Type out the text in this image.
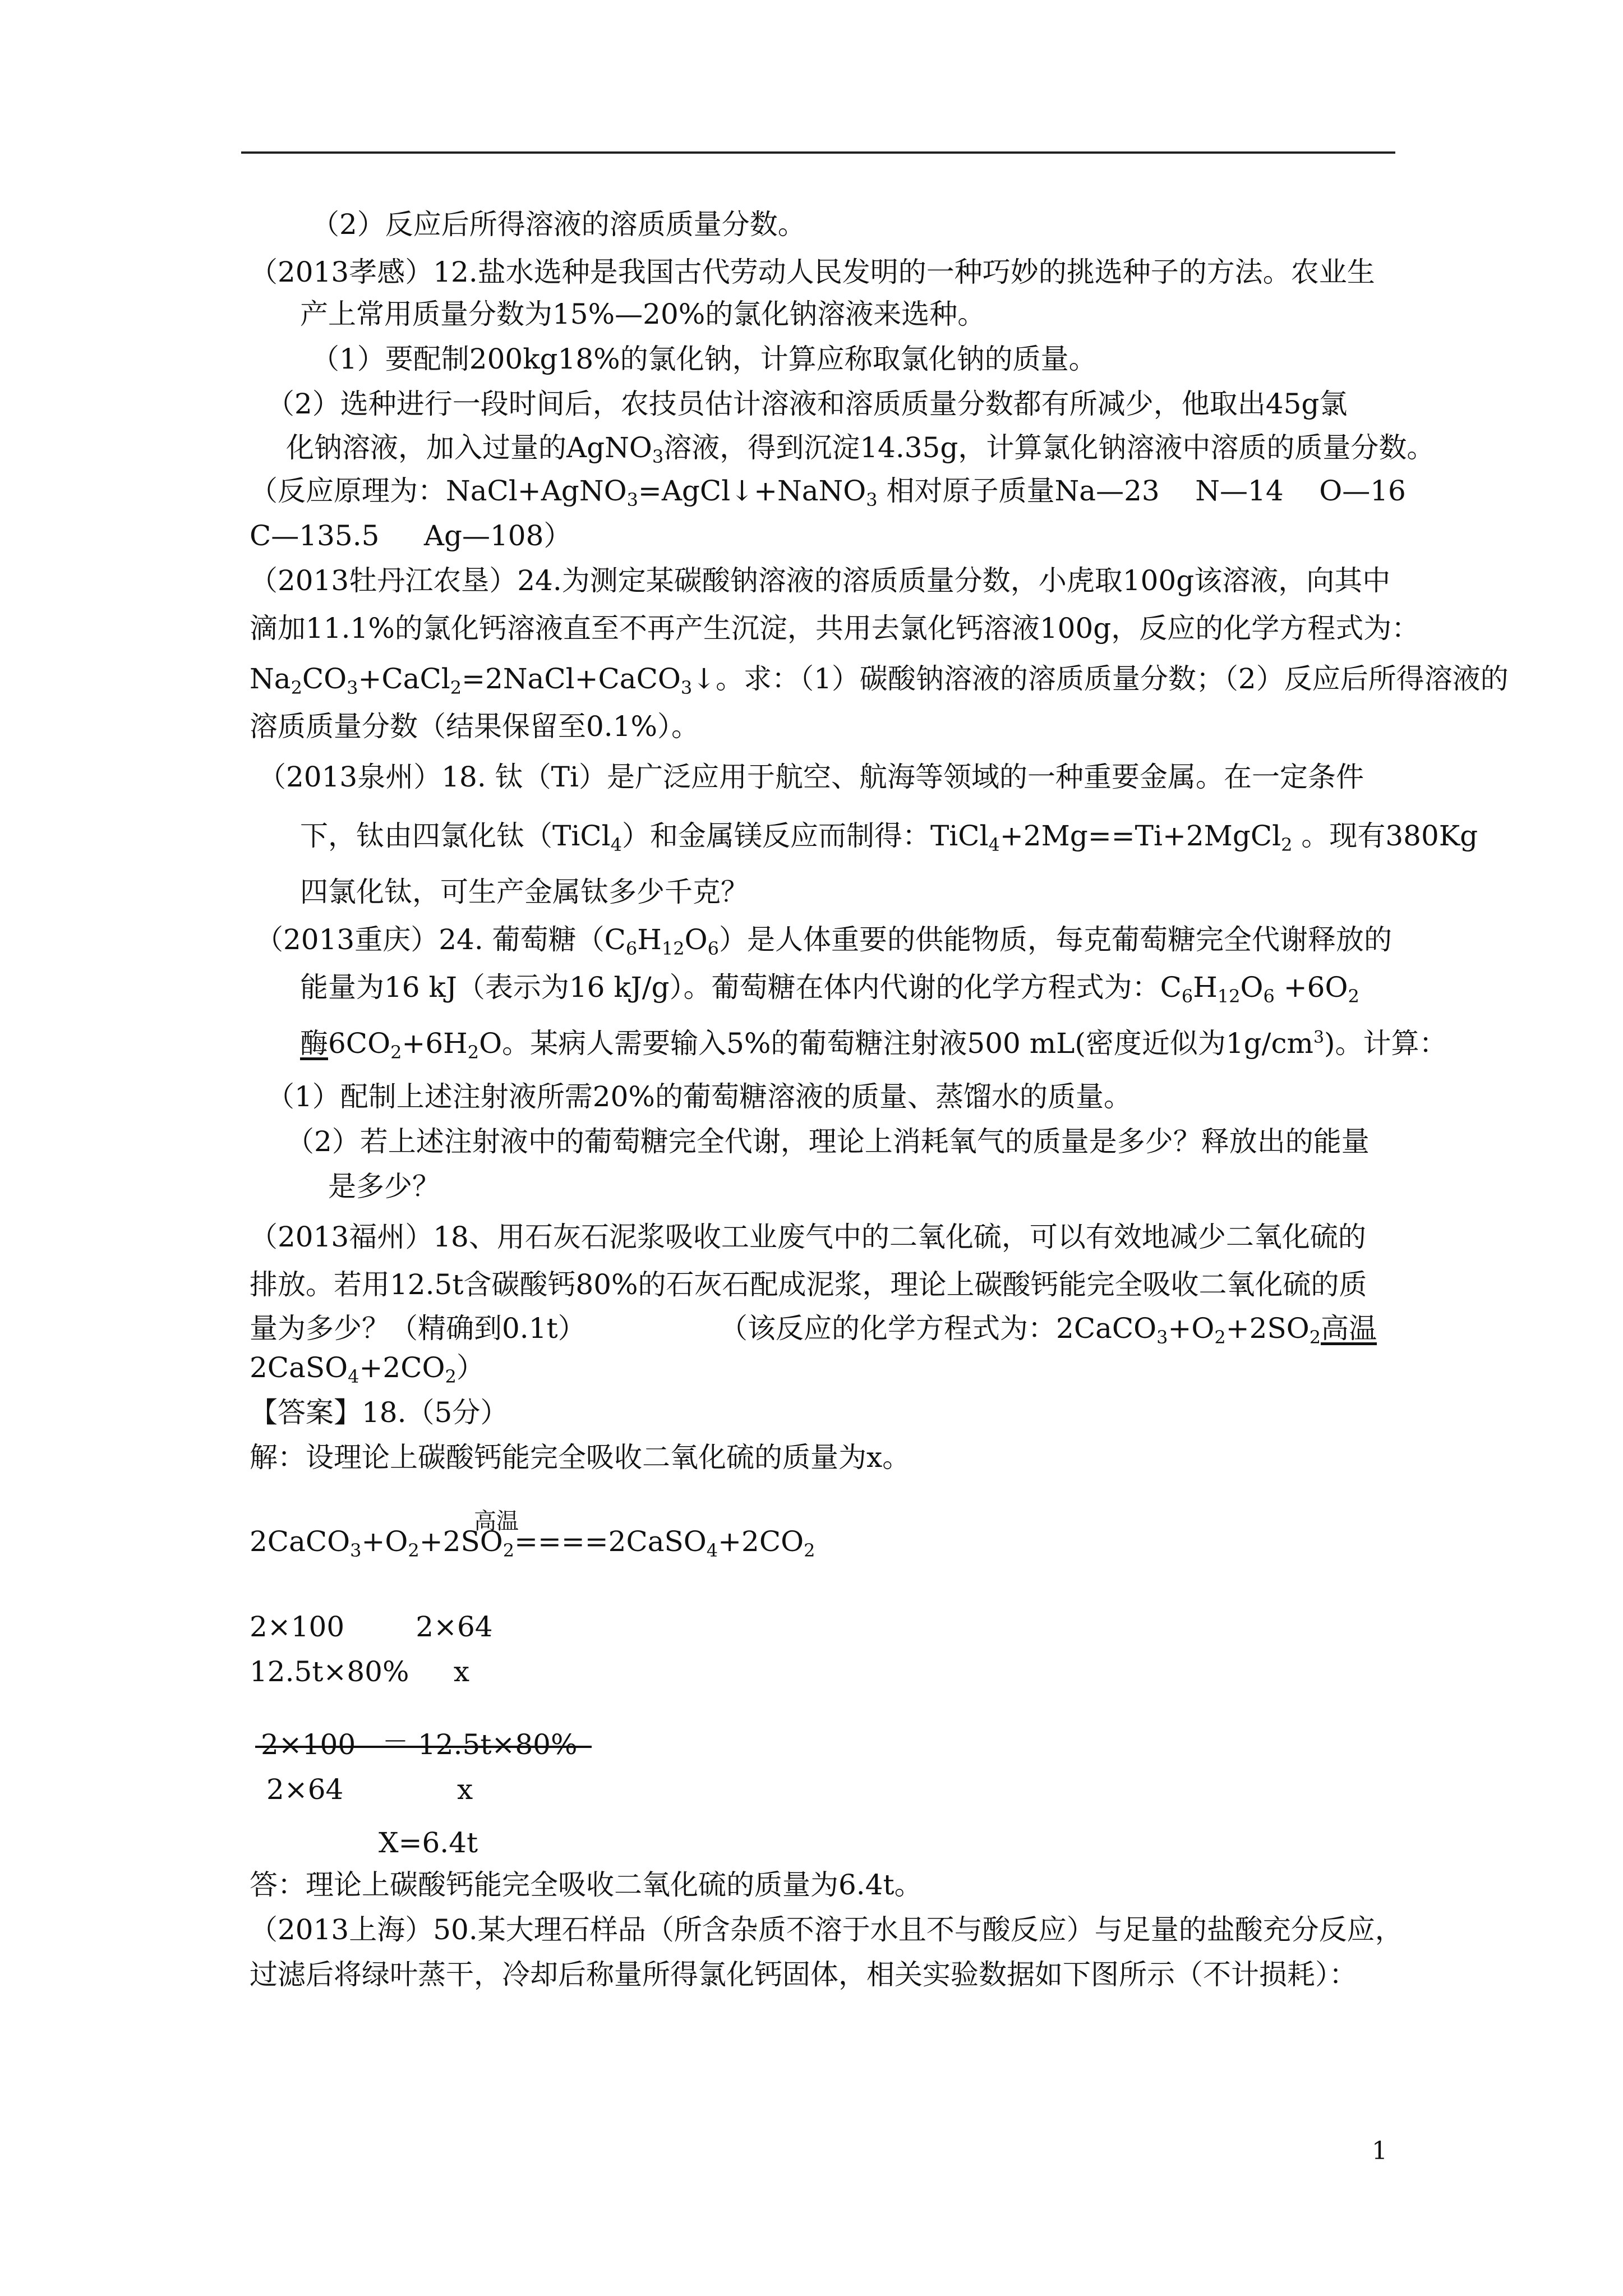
（2）反应后所得溶液的溶质质量分数。
（2013孝感）12.盐水选种是我国古代劳动人民发明的一种巧妙的挑选种子的方法。农业生
产上常用质量分数为15%—20%的氯化钠溶液来选种。
（1）要配制200kg18%的氯化钠，计算应称取氯化钠的质量。
（2）选种进行一段时间后，农技员估计溶液和溶质质量分数都有所减少，他取出45g氯
化钠溶液，加入过量的AgNO$_3$溶液，得到沉淀14.35g，计算氯化钠溶液中溶质的质量分数。
（反应原理为：NaCl+AgNO$_3$=AgCl↓+NaNO$_3$ 相对原子质量Na—23    N—14    O—16
C—135.5     Ag—108）
（2013牡丹江农垦）24.为测定某碳酸钠溶液的溶质质量分数，小虎取100g该溶液，向其中
滴加11.1%的氯化钙溶液直至不再产生沉淀，共用去氯化钙溶液100g，反应的化学方程式为：
$Na_2CO_3+CaCl_2=2NaCl+CaCO_3↓$。求：（1）碳酸钠溶液的溶质质量分数；（2）反应后所得溶液的
溶质质量分数（结果保留至0.1%）。
（2013泉州）18. 钛（Ti）是广泛应用于航空、航海等领域的一种重要金属。在一定条件
下，钛由四氯化钛（TiCl$_4$）和金属镁反应而制得：TiCl$_4$+2Mg==Ti+2MgCl$_2$ 。现有380Kg
四氯化钛，可生产金属钛多少千克？
（2013重庆）24. 葡萄糖$(C_6H_{12}O_6)$是人体重要的供能物质，每克葡萄糖完全代谢释放的
能量为16 kJ（表示为16 kJ/g）。葡萄糖在体内代谢的化学方程式为：$C_6H_{12}O_6 +6O_2$
酶$6CO_2+6H_2O$。某病人需要输入5%的葡萄糖注射液500 mL(密度近似为$1g/cm^3$)。计算：
（1）配制上述注射液所需20%的葡萄糖溶液的质量、蒸馏水的质量。
（2）若上述注射液中的葡萄糖完全代谢，理论上消耗氧气的质量是多少？释放出的能量
是多少？
（2013福州）18、用石灰石泥浆吸收工业废气中的二氧化硫，可以有效地减少二氧化硫的
排放。若用12.5t含碳酸钙80%的石灰石配成泥浆，理论上碳酸钙能完全吸收二氧化硫的质
量为多少？（精确到0.1t）               （该反应的化学方程式为：$2CaCO_3+O_2+2SO_2$高温
$2CaSO_4+2CO_2$）
【答案】18.（5分）
解：设理论上碳酸钙能完全吸收二氧化硫的质量为x。
高温
$2CaCO_3+O_2+2SO_2====2CaSO_4+2CO_2$
2×100        2×64
12.5t×80%     x
2×100 ＝ 12.5t×80%
2×64	x
X=6.4t
答：理论上碳酸钙能完全吸收二氧化硫的质量为6.4t。
（2013上海）50.某大理石样品（所含杂质不溶于水且不与酸反应）与足量的盐酸充分反应，
过滤后将绿叶蒸干，冷却后称量所得氯化钙固体，相关实验数据如下图所示（不计损耗）：
1
